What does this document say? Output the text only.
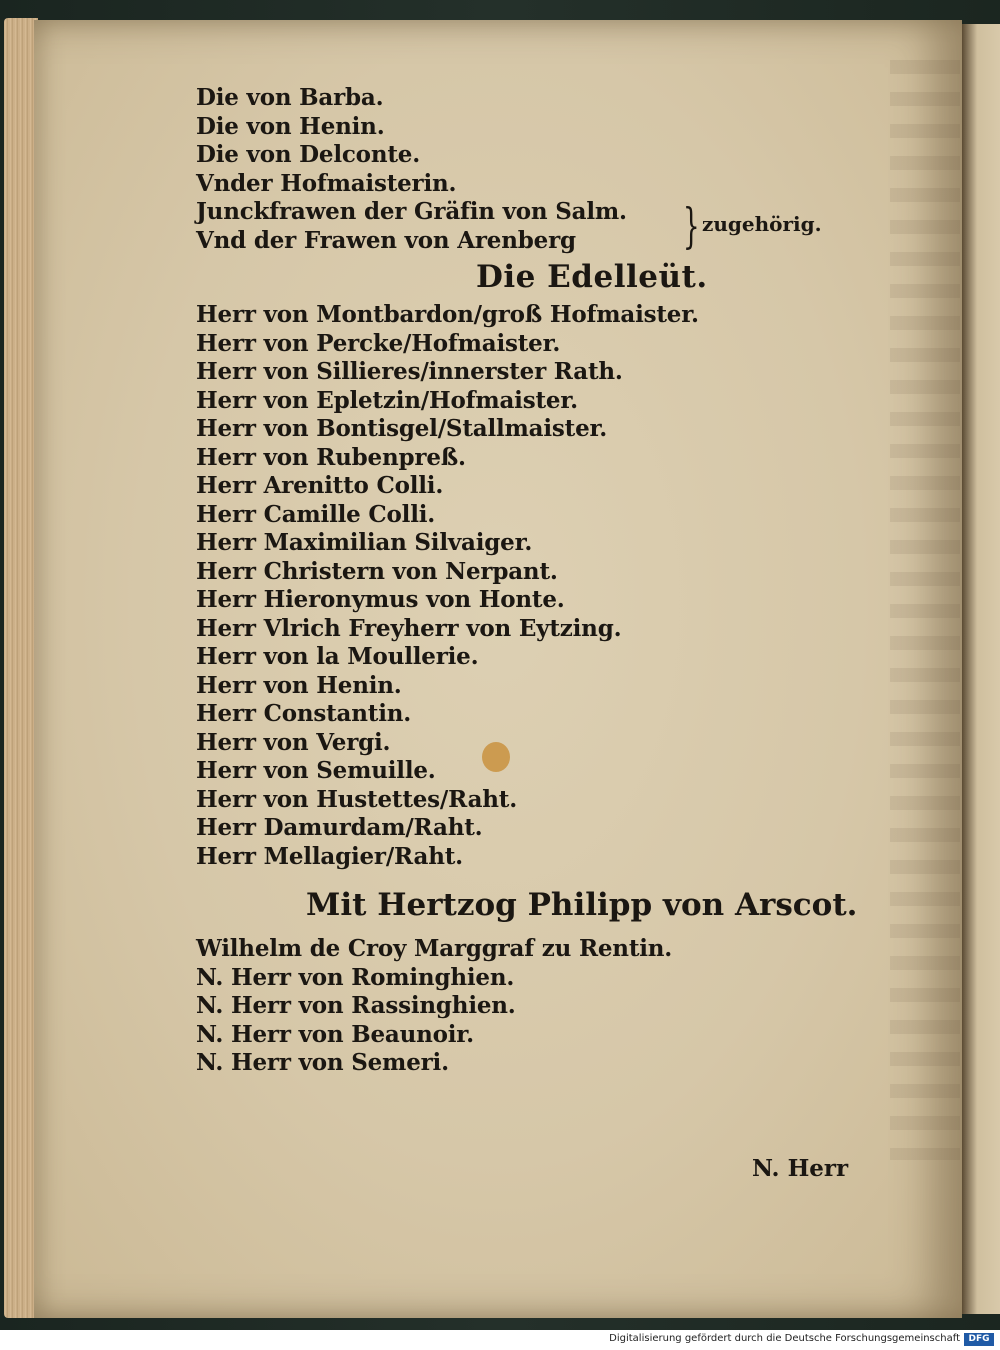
Die von Barba.
Die von Henin.
Die von Delconte.
Vnder Hofmaisterin.
Junckfrawen der Gräfin von Salm.
Vnd der Frawen von Arenberg } zugehörig.
Die Edelleüt.
Herr von Montbardon/groß Hofmaister.
Herr von Percke/Hofmaister.
Herr von Sillieres/innerster Rath.
Herr von Epletzin/Hofmaister.
Herr von Bontisgel/Stallmaister.
Herr von Rubenpreß.
Herr Arenitto Colli.
Herr Camille Colli.
Herr Maximilian Silvaiger.
Herr Christern von Nerpant.
Herr Hieronymus von Honte.
Herr Vlrich Freyherr von Eytzing.
Herr von la Moullerie.
Herr von Henin.
Herr Constantin.
Herr von Vergi.
Herr von Semuille.
Herr von Hustettes/Raht.
Herr Damurdam/Raht.
Herr Mellagier/Raht.
Mit Hertzog Philipp von Arscot.
Wilhelm de Croy Marggraf zu Rentin.
N. Herr von Rominghien.
N. Herr von Rassinghien.
N. Herr von Beaunoir.
N. Herr von Semeri.
N. Herr
Digitalisierung gefördert durch die Deutsche Forschungsgemeinschaft DFG
